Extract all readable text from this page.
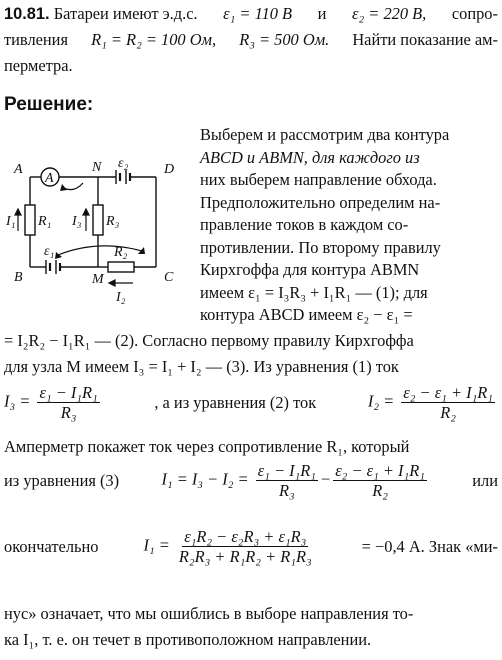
10.81. Батареи имеют э.д.с. ε₁ = 110 В и ε₂ = 220 В, сопро-
тивления R₁ = R₂ = 100 Ом, R₃ = 500 Ом. Найти показание ам-
перметра.
Решение:
A
A	N	D
B	M	C
ε₂
ε₁
R₁	R₃
R₂
I₁	I₃
I₂
Выберем и рассмотрим два контура
ABCD и ABMN, для каждого из
них выберем направление обхода.
Предположительно определим на-
правление токов в каждом со-
противлении. По второму правилу
Кирхгоффа для контура ABMN
имеем ε₁ = I₃R₃ + I₁R₁ — (1); для
контура ABCD имеем ε₂ − ε₁ =
= I₂R₂ − I₁R₁ — (2). Согласно первому правилу Кирхгоффа
для узла M имеем I₃ = I₁ + I₂ — (3). Из уравнения (1) ток
$I_3 = \frac{\text{ε₁ − I₁R₁}}{\text{R₃}}$	, а из уравнения (2) ток	$I_2 = \frac{\text{ε₂ − ε₁ + I₁R₁}}{\text{R₂}}$
Амперметр покажет ток через сопротивление R₁, который
из уравнения (3)	$I_1 = I_3 - I_2 = \frac{\text{ε₁ − I₁R₁}}{\text{R₃}} - \frac{\text{ε₂ − ε₁ + I₁R₁}}{\text{R₂}}$	или
окончательно	$I_1 = \frac{\text{ε₁R₂ − ε₂R₃ + ε₁R₃}}{\text{R₂R₃ + R₁R₂ + R₁R₃}}$	= −0,4 А. Знак «ми-
нус» означает, что мы ошиблись в выборе направления то-
ка I₁, т. е. он течет в противоположном направлении.
